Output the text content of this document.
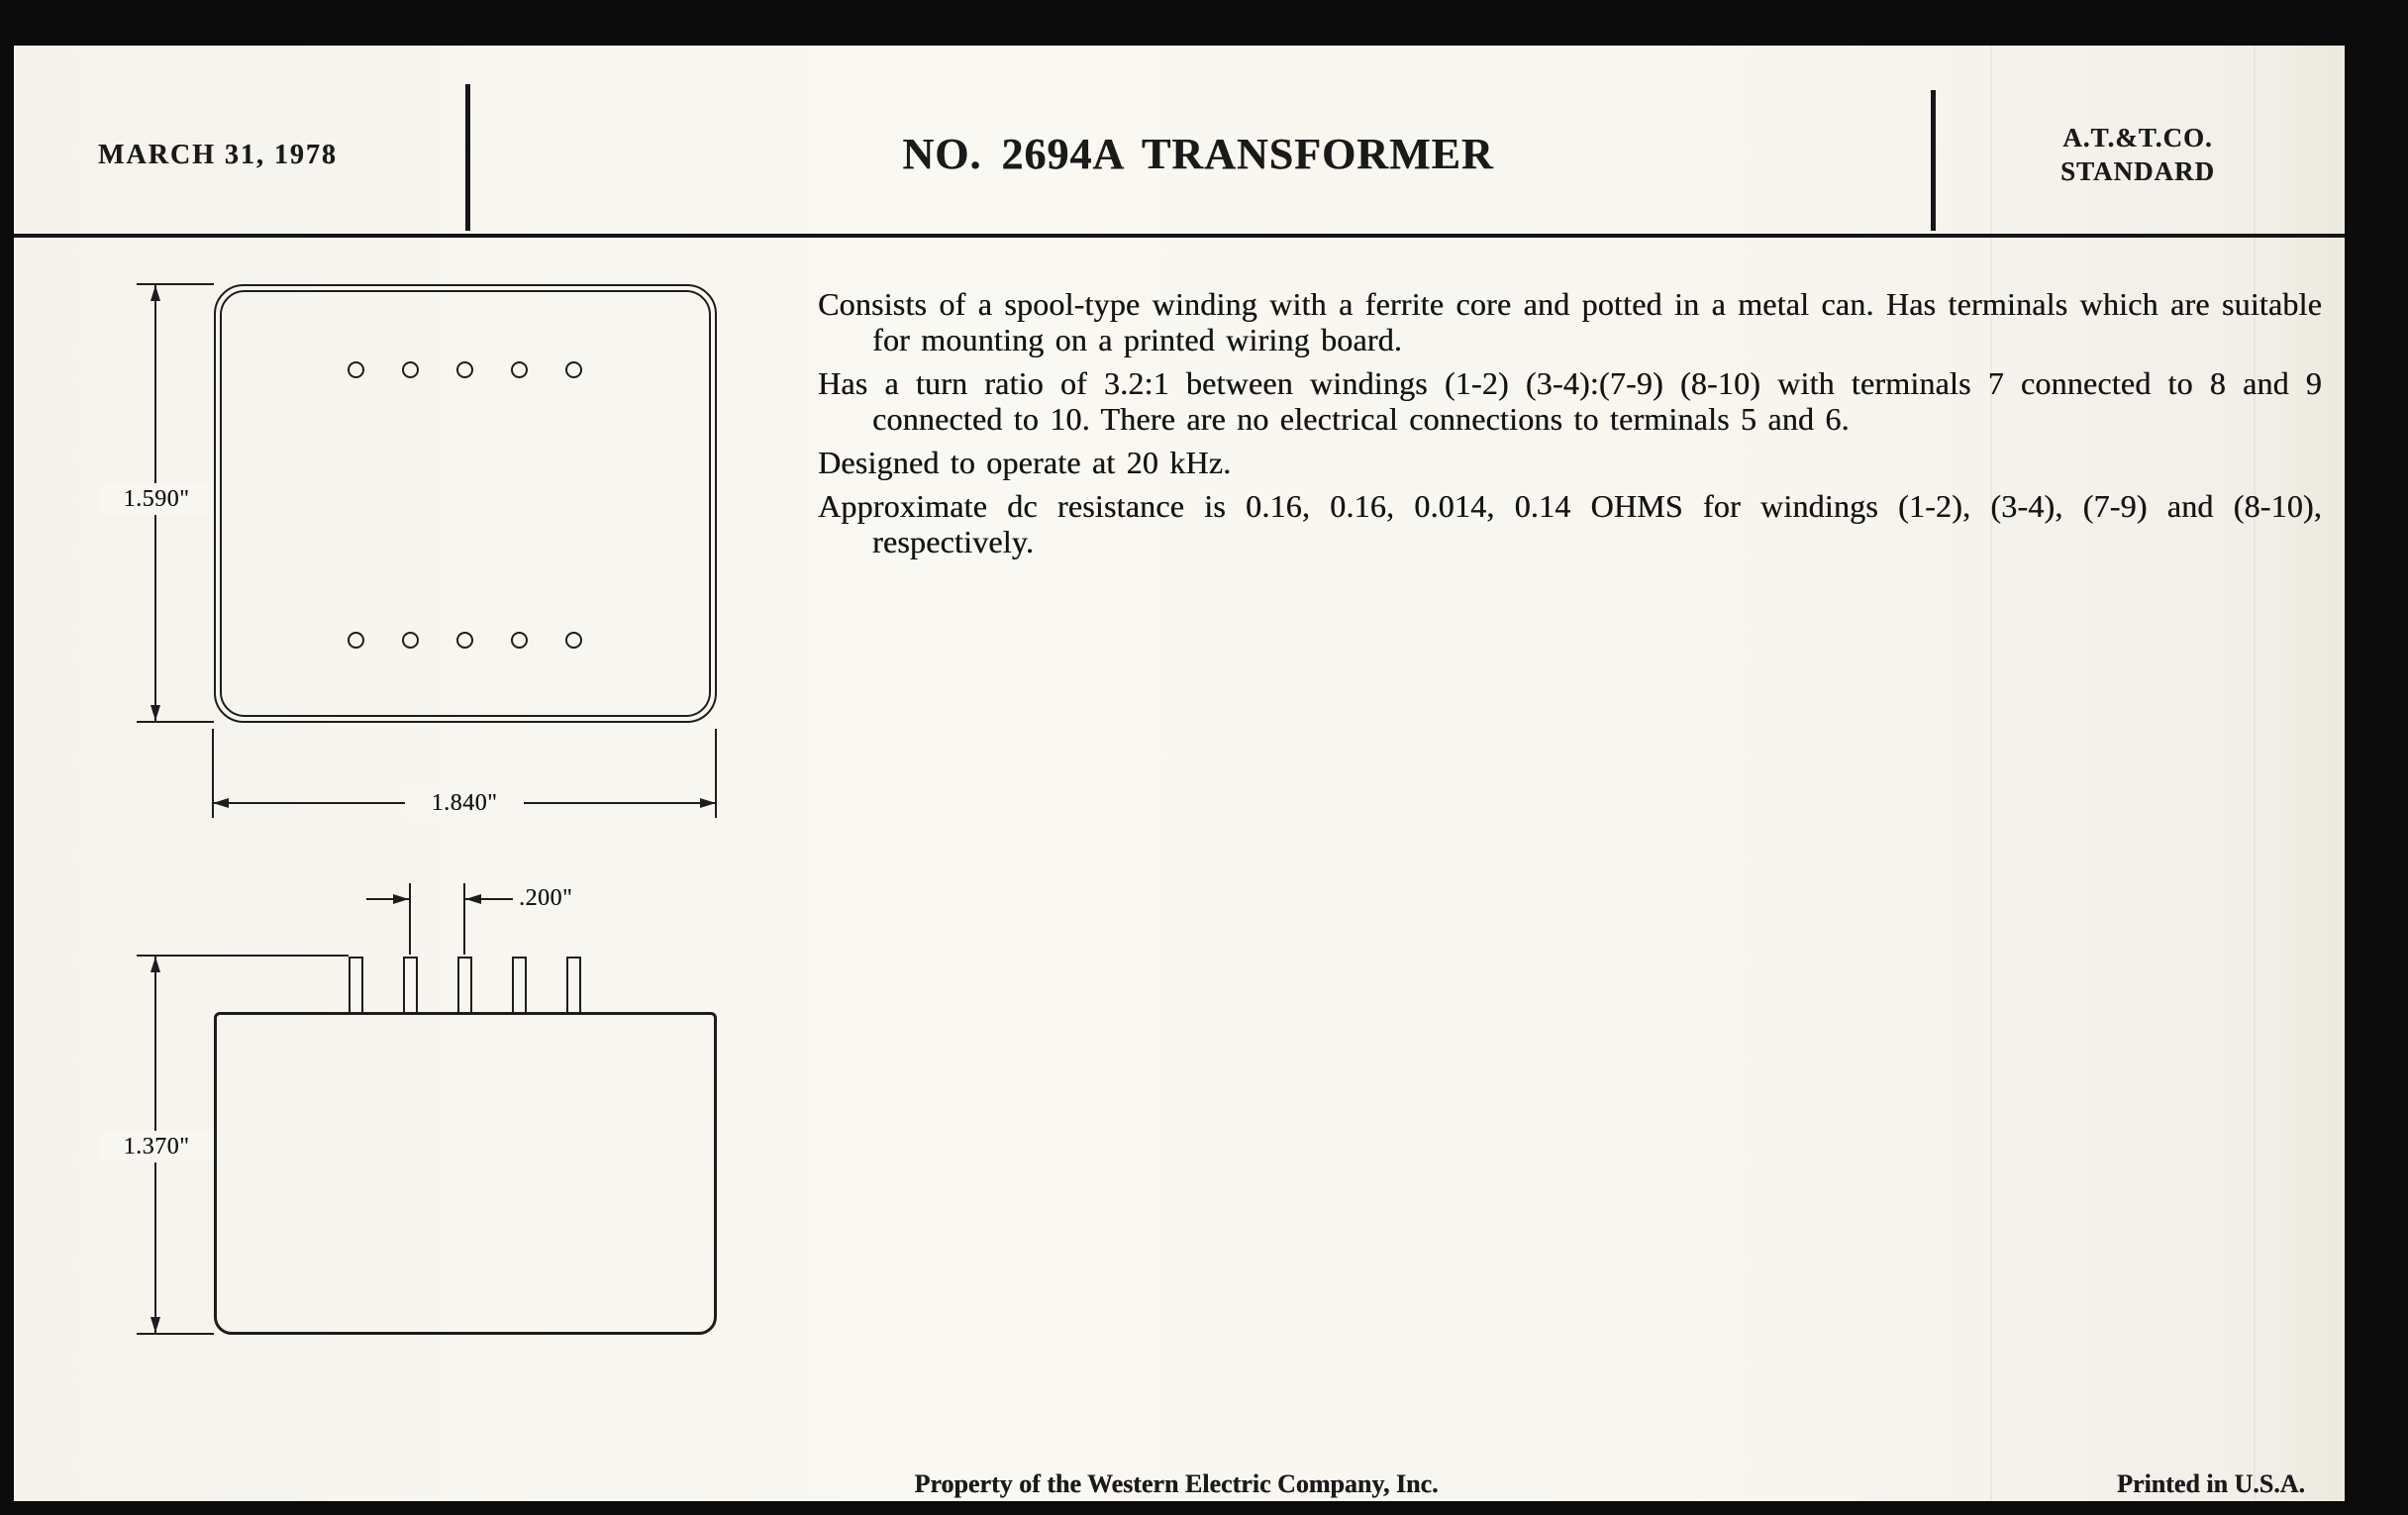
MARCH 31, 1978	NO. 2694A TRANSFORMER	A.T.&T.CO.
STANDARD
1.590"
1.840"
.200"
1.370"

Consists of a spool-type winding with a ferrite core and potted in a metal can. Has terminals which are suitable for mounting on a printed wiring board.

Has a turn ratio of 3.2:1 between windings (1-2) (3-4):(7-9) (8-10) with terminals 7 connected to 8 and 9 connected to 10. There are no electrical connections to terminals 5 and 6.

Designed to operate at 20 kHz.

Approximate dc resistance is 0.16, 0.16, 0.014, 0.14 OHMS for windings (1-2), (3-4), (7-9) and (8-10), respectively.

Property of the Western Electric Company, Inc.	Printed in U.S.A.
